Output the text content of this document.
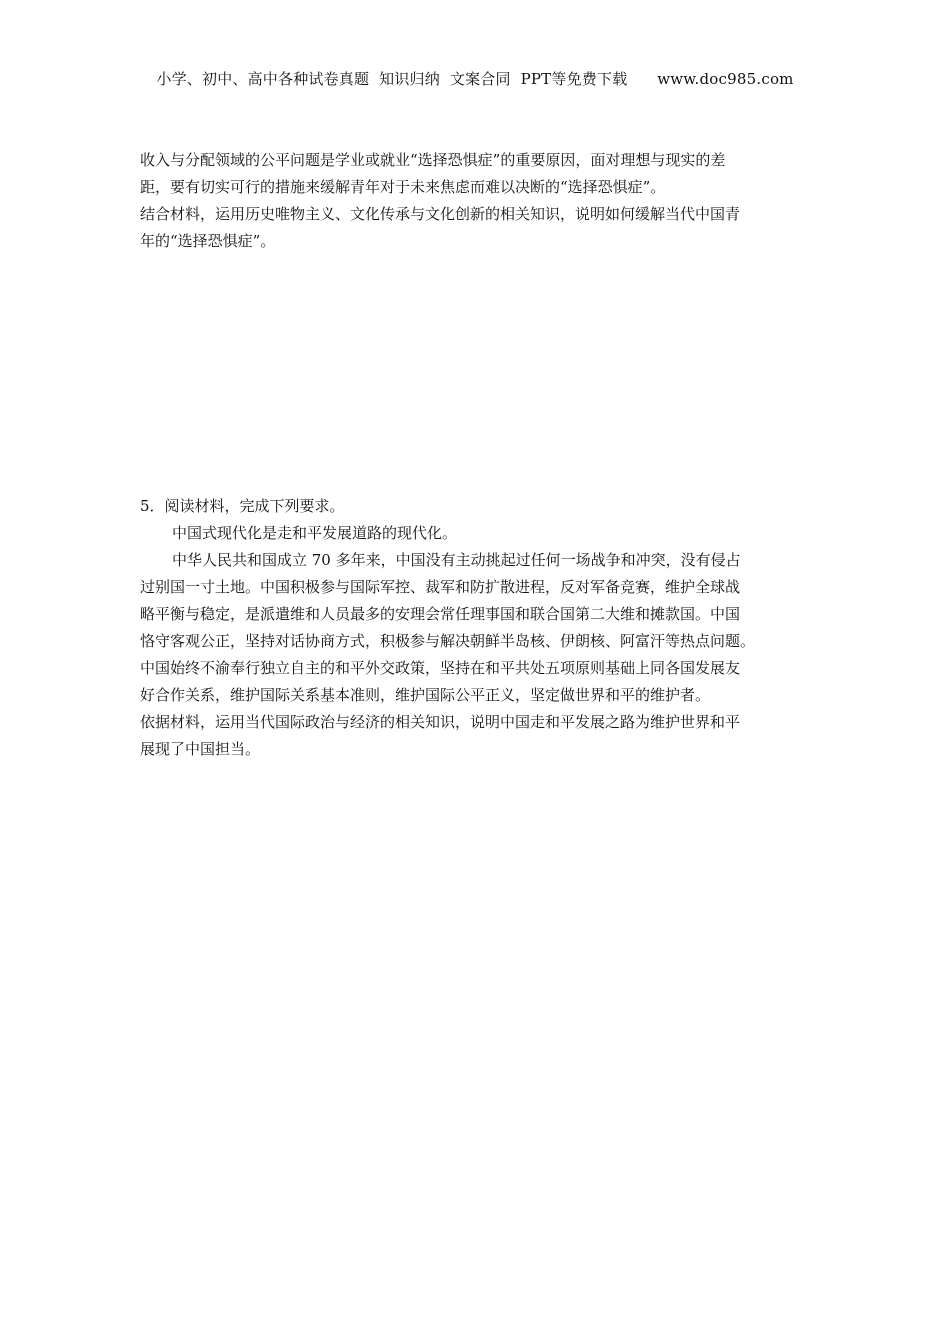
小学、初中、高中各种试卷真题  知识归纳  文案合同  PPT等免费下载      www.doc985.com
收入与分配领域的公平问题是学业或就业“选择恐惧症”的重要原因，面对理想与现实的差
距，要有切实可行的措施来缓解青年对于未来焦虑而难以决断的“选择恐惧症”。
结合材料，运用历史唯物主义、文化传承与文化创新的相关知识，说明如何缓解当代中国青
年的“选择恐惧症”。
5．阅读材料，完成下列要求。
中国式现代化是走和平发展道路的现代化。
中华人民共和国成立 70 多年来，中国没有主动挑起过任何一场战争和冲突，没有侵占
过别国一寸土地。中国积极参与国际军控、裁军和防扩散进程，反对军备竞赛，维护全球战
略平衡与稳定，是派遣维和人员最多的安理会常任理事国和联合国第二大维和摊款国。中国
恪守客观公正，坚持对话协商方式，积极参与解决朝鲜半岛核、伊朗核、阿富汗等热点问题。
中国始终不渝奉行独立自主的和平外交政策，坚持在和平共处五项原则基础上同各国发展友
好合作关系，维护国际关系基本准则，维护国际公平正义，坚定做世界和平的维护者。
依据材料，运用当代国际政治与经济的相关知识，说明中国走和平发展之路为维护世界和平
展现了中国担当。
